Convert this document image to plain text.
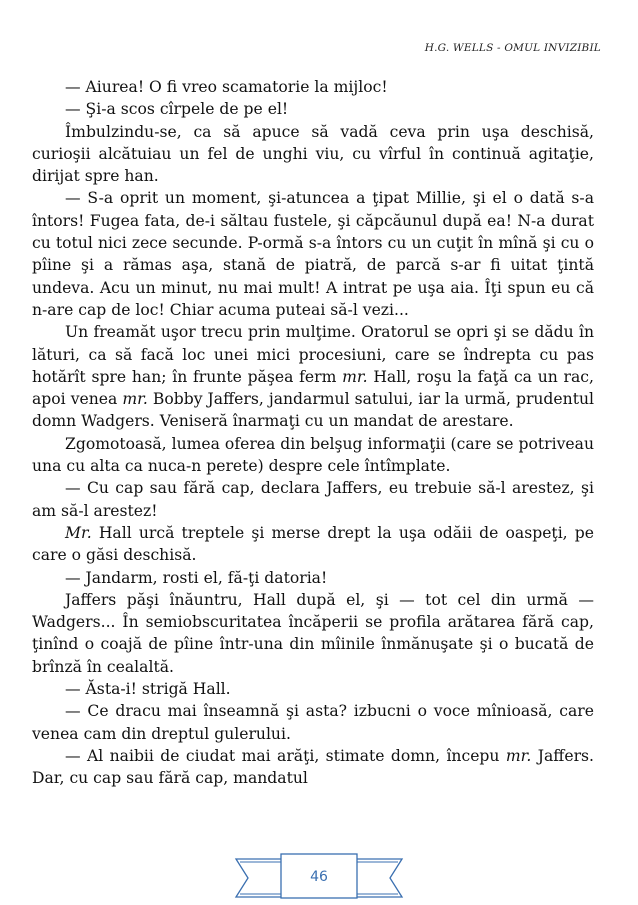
H.G. WELLS - OMUL INVIZIBIL

— Aiurea! O fi vreo scamatorie la mijloc!

— Şi-a scos cîrpele de pe el!

Îmbulzindu-se, ca să apuce să vadă ceva prin uşa deschisă, curioşii alcătuiau un fel de unghi viu, cu vîrful în continuă agitaţie, dirijat spre han.

— S-a oprit un moment, şi-atuncea a ţipat Millie, şi el o dată s-a întors! Fugea fata, de-i săltau fustele, şi căpcăunul după ea! N-a durat cu totul nici zece secunde. P-ormă s-a întors cu un cuţit în mînă şi cu o pîine şi a rămas aşa, stană de piatră, de parcă s-ar fi uitat ţintă undeva. Acu un minut, nu mai mult! A intrat pe uşa aia. Îţi spun eu că n-are cap de loc! Chiar acuma puteai să-l vezi...

Un freamăt uşor trecu prin mulţime. Oratorul se opri şi se dădu în lături, ca să facă loc unei mici procesiuni, care se îndrepta cu pas hotărît spre han; în frunte păşea ferm mr. Hall, roşu la faţă ca un rac, apoi venea mr. Bobby Jaffers, jandarmul satului, iar la urmă, prudentul domn Wadgers. Veniseră înarmaţi cu un mandat de arestare.

Zgomotoasă, lumea oferea din belşug informaţii (care se potriveau una cu alta ca nuca-n perete) despre cele întîmplate.

— Cu cap sau fără cap, declara Jaffers, eu trebuie să-l arestez, şi am să-l arestez!

Mr. Hall urcă treptele şi merse drept la uşa odăii de oaspeţi, pe care o găsi deschisă.

— Jandarm, rosti el, fă-ţi datoria!

Jaffers păşi înăuntru, Hall după el, şi — tot cel din urmă — Wadgers... În semiobscuritatea încăperii se profila arătarea fără cap, ţinînd o coajă de pîine într-una din mîinile înmănuşate şi o bucată de brînză în cealaltă.

— Ăsta-i! strigă Hall.

— Ce dracu mai înseamnă şi asta? izbucni o voce mînioasă, care venea cam din dreptul gulerului.

— Al naibii de ciudat mai arăţi, stimate domn, începu mr. Jaffers. Dar, cu cap sau fără cap, mandatul

46
